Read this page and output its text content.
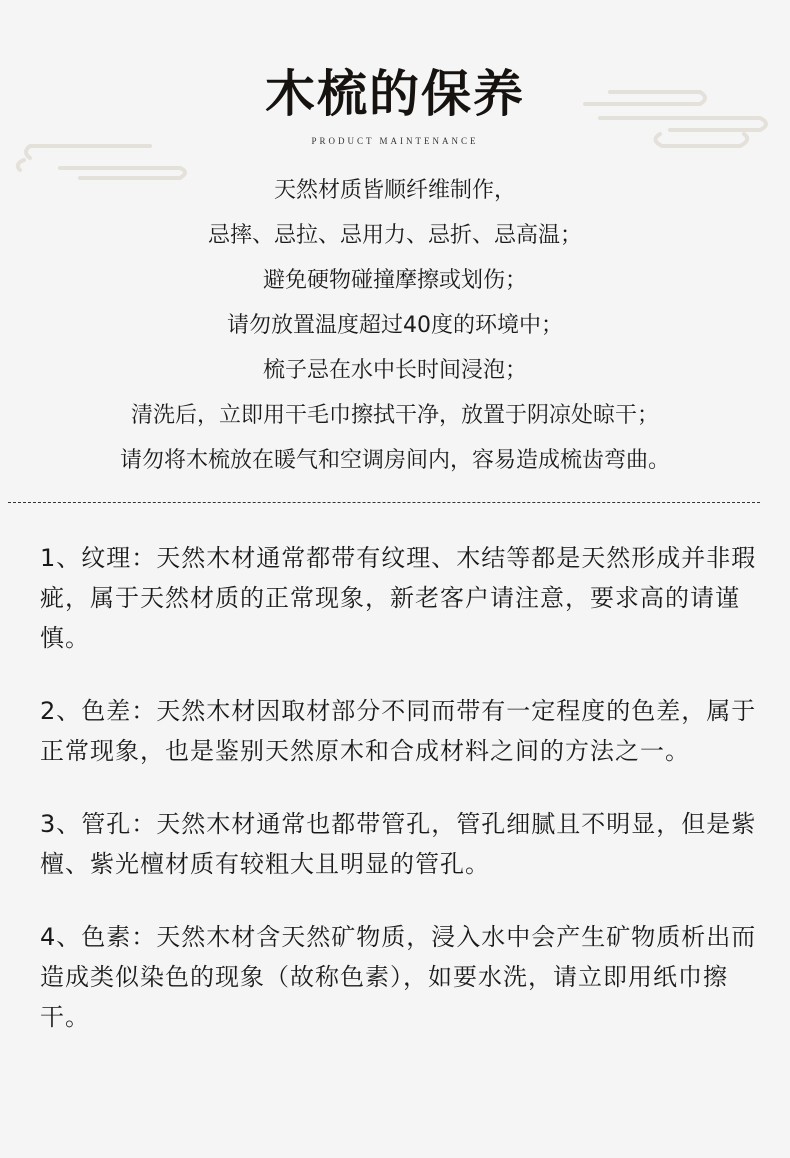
木梳的保养
PRODUCT MAINTENANCE
天然材质皆顺纤维制作，
忌摔、忌拉、忌用力、忌折、忌高温；
避免硬物碰撞摩擦或划伤；
请勿放置温度超过40度的环境中；
梳子忌在水中长时间浸泡；
清洗后，立即用干毛巾擦拭干净，放置于阴凉处晾干；
请勿将木梳放在暖气和空调房间内，容易造成梳齿弯曲。

1、纹理：天然木材通常都带有纹理、木结等都是天然形成并非瑕疵，属于天然材质的正常现象，新老客户请注意，要求高的请谨慎。

2、色差：天然木材因取材部分不同而带有一定程度的色差，属于正常现象，也是鉴别天然原木和合成材料之间的方法之一。

3、管孔：天然木材通常也都带管孔，管孔细腻且不明显，但是紫檀、紫光檀材质有较粗大且明显的管孔。

4、色素：天然木材含天然矿物质，浸入水中会产生矿物质析出而造成类似染色的现象（故称色素），如要水洗，请立即用纸巾擦干。
